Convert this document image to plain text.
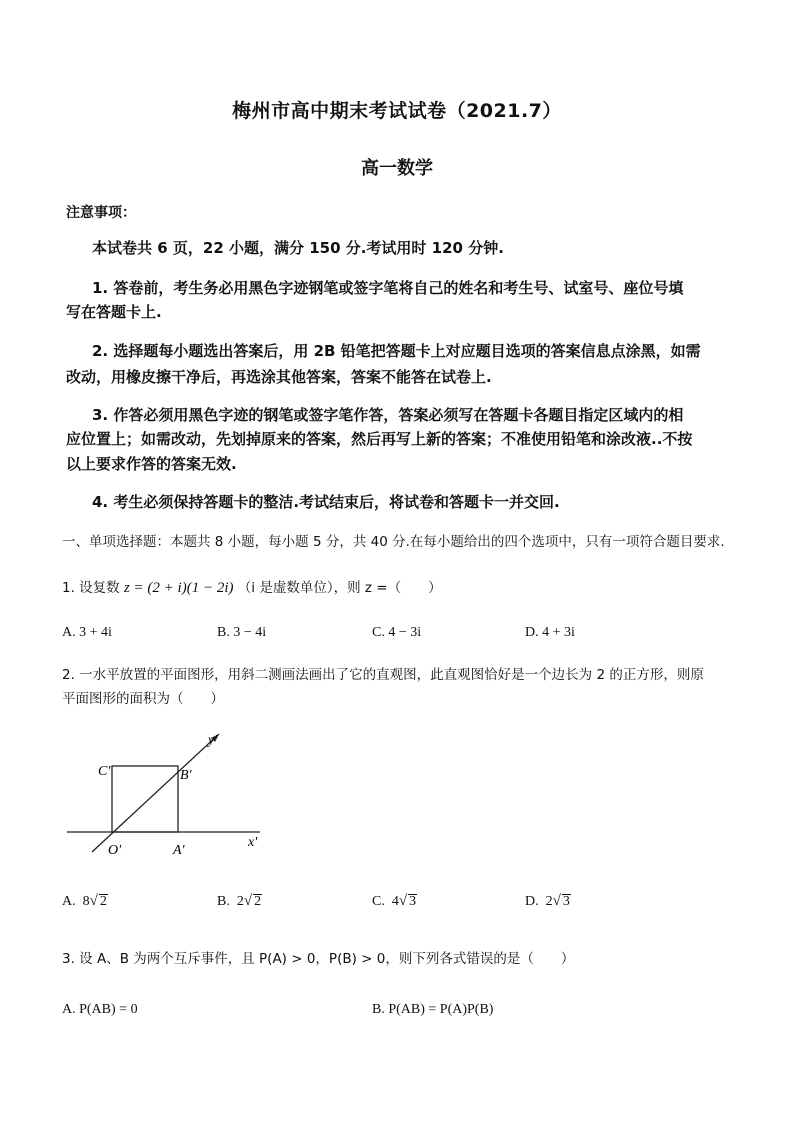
梅州市高中期末考试试卷（2021.7）
高一数学
注意事项：
本试卷共 6 页，22 小题，满分 150 分.考试用时 120 分钟.
1. 答卷前，考生务必用黑色字迹钢笔或签字笔将自己的姓名和考生号、试室号、座位号填
写在答题卡上.
2. 选择题每小题选出答案后，用 2B 铅笔把答题卡上对应题目选项的答案信息点涂黑，如需
改动，用橡皮擦干净后，再选涂其他答案，答案不能答在试卷上.
3. 作答必须用黑色字迹的钢笔或签字笔作答，答案必须写在答题卡各题目指定区域内的相
应位置上；如需改动，先划掉原来的答案，然后再写上新的答案；不准使用铅笔和涂改液..不按
以上要求作答的答案无效.
4. 考生必须保持答题卡的整洁.考试结束后，将试卷和答题卡一并交回.
一、单项选择题：本题共 8 小题，每小题 5 分，共 40 分.在每小题给出的四个选项中，只有一项符合题目要求.
1. 设复数 z = (2 + i)(1 − 2i) （i 是虚数单位），则 z =（　　）
A. 3 + 4i	B. 3 − 4i	C. 4 − 3i	D. 4 + 3i
2. 一水平放置的平面图形，用斜二测画法画出了它的直观图，此直观图恰好是一个边长为 2 的正方形，则原
平面图形的面积为（　　）
C'	B'
O'	A'
x'
y'
A. 8√ 2	B. 2√ 2	C. 4√ 3	D. 2√ 3
3. 设 A、B 为两个互斥事件，且 P(A) > 0，P(B) > 0，则下列各式错误的是（　　）
A. P(AB) = 0	B. P(AB) = P(A)P(B)
